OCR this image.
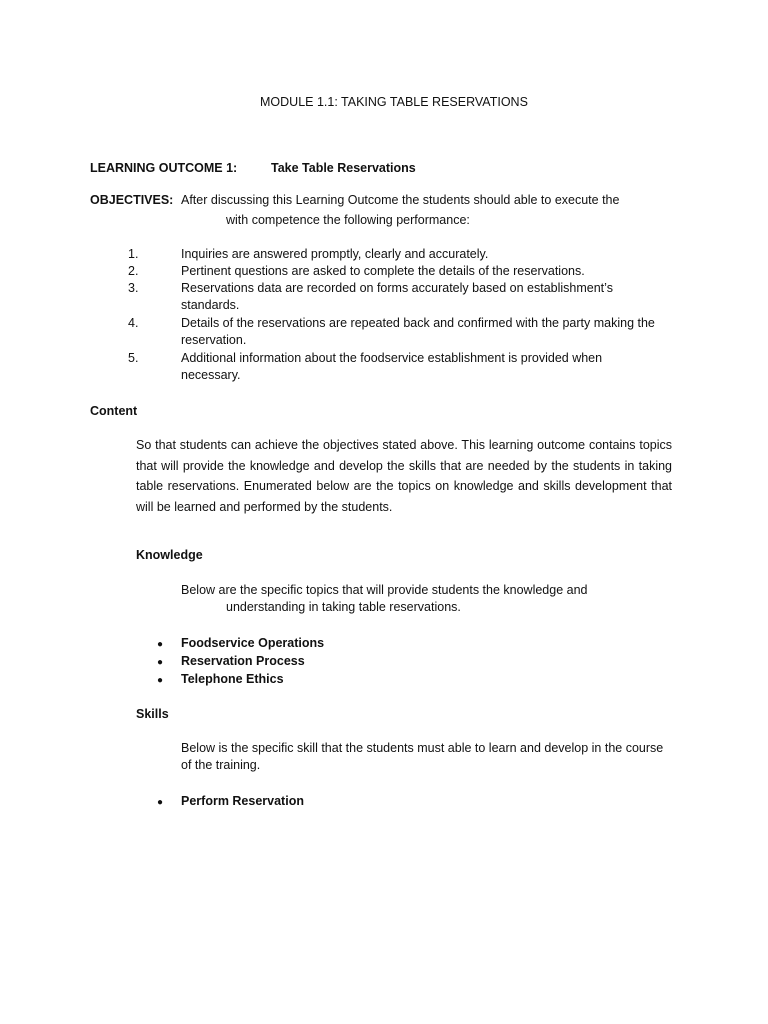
MODULE 1.1: TAKING TABLE RESERVATIONS
LEARNING OUTCOME 1:	Take Table Reservations
OBJECTIVES: After discussing this Learning Outcome the students should able to execute the
with competence the following performance:
1.	Inquiries are answered promptly, clearly and accurately.
2.	Pertinent questions are asked to complete the details of the reservations.
3.	Reservations data are recorded on forms accurately based on establishment’s standards.
4.	Details of the reservations are repeated back and confirmed with the party making the reservation.
5.	Additional information about the foodservice establishment is provided when necessary.
Content
So that students can achieve the objectives stated above. This learning outcome contains topics that will provide the knowledge and develop the skills that are needed by the students in taking table reservations. Enumerated below are the topics on knowledge and skills development that will be learned and performed by the students.
Knowledge
Below are the specific topics that will provide students the knowledge and
understanding in taking table reservations.
● Foodservice Operations
● Reservation Process
● Telephone Ethics
Skills
Below is the specific skill that the students must able to learn and develop in the course of the training.
● Perform Reservation
